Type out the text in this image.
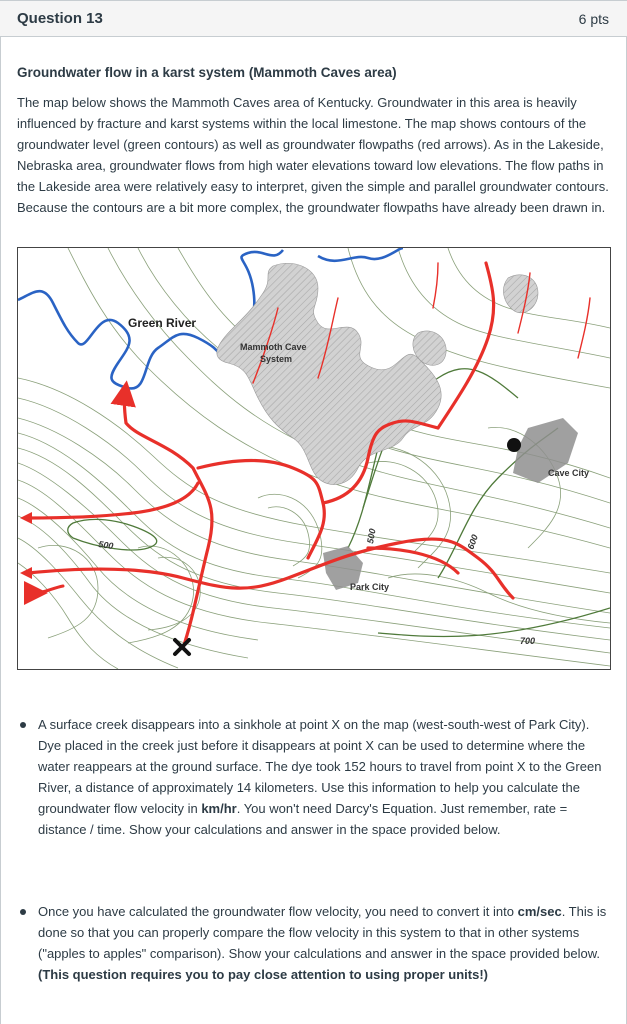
Question 13	6 pts
Groundwater flow in a karst system (Mammoth Caves area)
The map below shows the Mammoth Caves area of Kentucky. Groundwater in this area is heavily influenced by fracture and karst systems within the local limestone. The map shows contours of the groundwater level (green contours) as well as groundwater flowpaths (red arrows). As in the Lakeside, Nebraska area, groundwater flows from high water elevations toward low elevations. The flow paths in the Lakeside area were relatively easy to interpret, given the simple and parallel groundwater contours. Because the contours are a bit more complex, the groundwater flowpaths have already been drawn in.
Green River
Mammoth Cave
System
Cave City
Park City
500
500	600
700
A surface creek disappears into a sinkhole at point X on the map (west-south-west of Park City). Dye placed in the creek just before it disappears at point X can be used to determine where the water reappears at the ground surface. The dye took 152 hours to travel from point X to the Green River, a distance of approximately 14 kilometers. Use this information to help you calculate the groundwater flow velocity in km/hr. You won't need Darcy's Equation. Just remember, rate = distance / time. Show your calculations and answer in the space provided below.
Once you have calculated the groundwater flow velocity, you need to convert it into cm/sec. This is done so that you can properly compare the flow velocity in this system to that in other systems ("apples to apples" comparison). Show your calculations and answer in the space provided below. (This question requires you to pay close attention to using proper units!)
